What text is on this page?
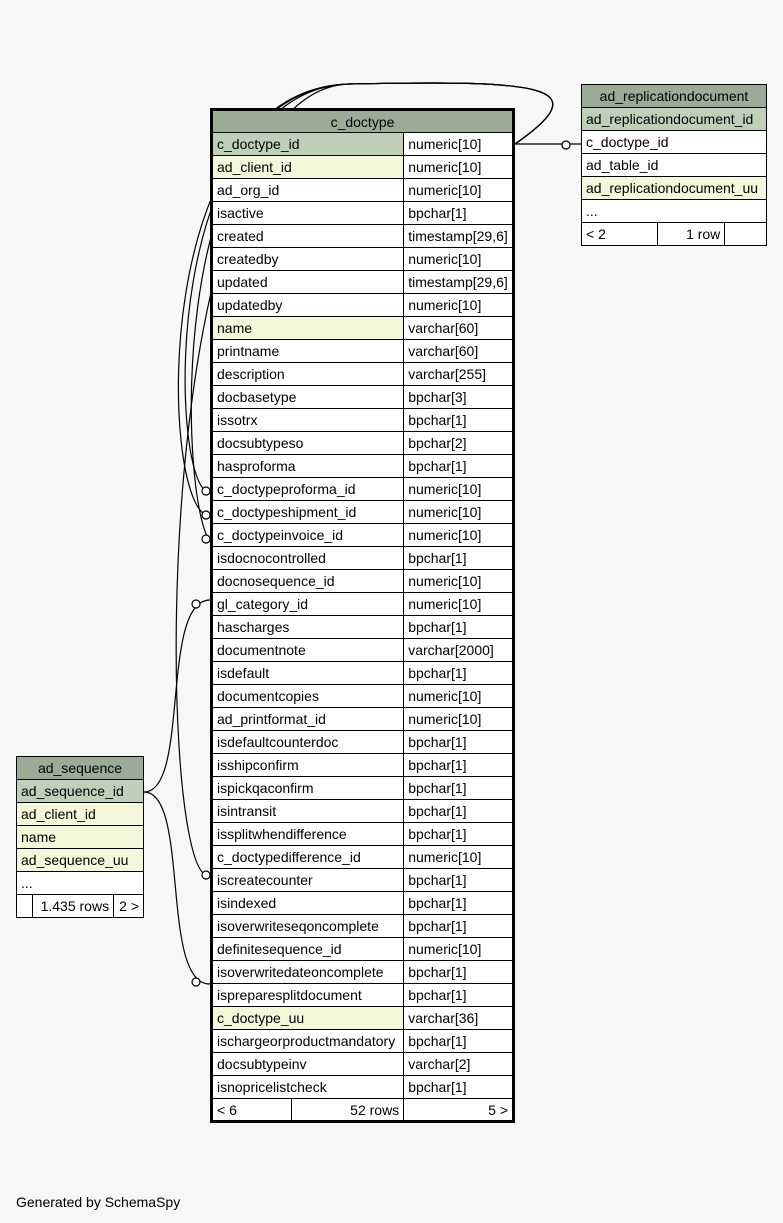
c_doctype		
c_doctype_id		numeric[10]
ad_client_id		numeric[10]
ad_org_id		numeric[10]
isactive		bpchar[1]
created		timestamp[29,6]
createdby		numeric[10]
updated		timestamp[29,6]
updatedby		numeric[10]
name		varchar[60]
printname		varchar[60]
description		varchar[255]
docbasetype		bpchar[3]
issotrx		bpchar[1]
docsubtypeso		bpchar[2]
hasproforma		bpchar[1]
c_doctypeproforma_id		numeric[10]
c_doctypeshipment_id		numeric[10]
c_doctypeinvoice_id		numeric[10]
isdocnocontrolled		bpchar[1]
docnosequence_id		numeric[10]
gl_category_id		numeric[10]
hascharges		bpchar[1]
documentnote		varchar[2000]
isdefault		bpchar[1]
documentcopies		numeric[10]
ad_printformat_id		numeric[10]
isdefaultcounterdoc		bpchar[1]
isshipconfirm		bpchar[1]
ispickqaconfirm		bpchar[1]
isintransit		bpchar[1]
issplitwhendifference		bpchar[1]
c_doctypedifference_id		numeric[10]
iscreatecounter		bpchar[1]
isindexed		bpchar[1]
isoverwriteseqoncomplete		bpchar[1]
definitesequence_id		numeric[10]
isoverwritedateoncomplete		bpchar[1]
ispreparesplitdocument		bpchar[1]
c_doctype_uu		varchar[36]
ischargeorproductmandatory		bpchar[1]
docsubtypeinv		varchar[2]
isnopricelistcheck		bpchar[1]
< 6	52 rows	5 >
ad_replicationdocument
ad_replicationdocument_id
c_doctype_id
ad_table_id
ad_replicationdocument_uu
...
< 2	1 row	
ad_sequence
ad_sequence_id
ad_client_id
name
ad_sequence_uu
...
	1.435 rows	2 >
Generated by SchemaSpy
